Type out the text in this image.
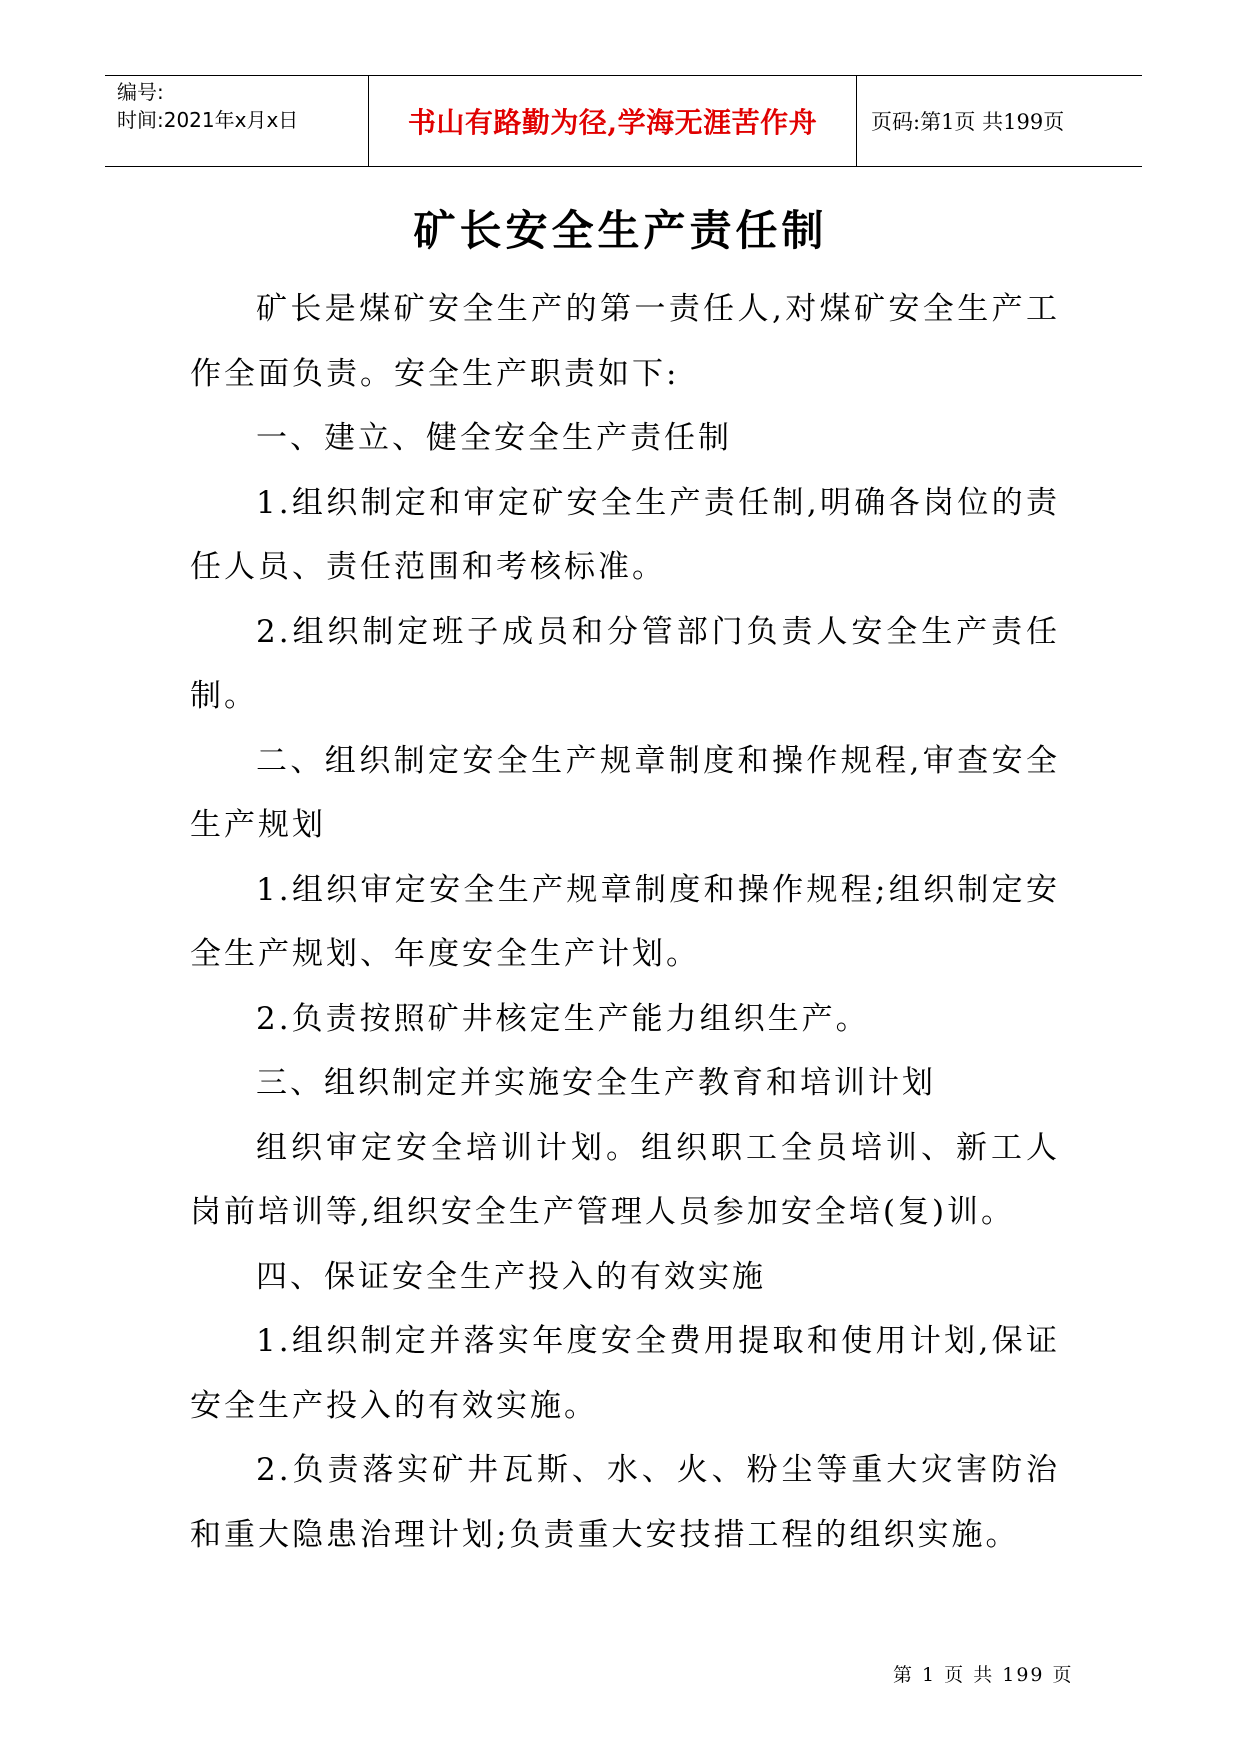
编号:
时间:2021年x月x日	书山有路勤为径,学海无涯苦作舟	页码:第1页 共199页
矿长安全生产责任制

矿长是煤矿安全生产的第一责任人,对煤矿安全生产工作全面负责。安全生产职责如下:

一、建立、健全安全生产责任制

1.组织制定和审定矿安全生产责任制,明确各岗位的责任人员、责任范围和考核标准。

2.组织制定班子成员和分管部门负责人安全生产责任制。

二、组织制定安全生产规章制度和操作规程,审查安全生产规划

1.组织审定安全生产规章制度和操作规程;组织制定安全生产规划、年度安全生产计划。

2.负责按照矿井核定生产能力组织生产。

三、组织制定并实施安全生产教育和培训计划

组织审定安全培训计划。组织职工全员培训、新工人岗前培训等,组织安全生产管理人员参加安全培(复)训。

四、保证安全生产投入的有效实施

1.组织制定并落实年度安全费用提取和使用计划,保证安全生产投入的有效实施。

2.负责落实矿井瓦斯、水、火、粉尘等重大灾害防治和重大隐患治理计划;负责重大安技措工程的组织实施。

第 1 页 共 199 页
